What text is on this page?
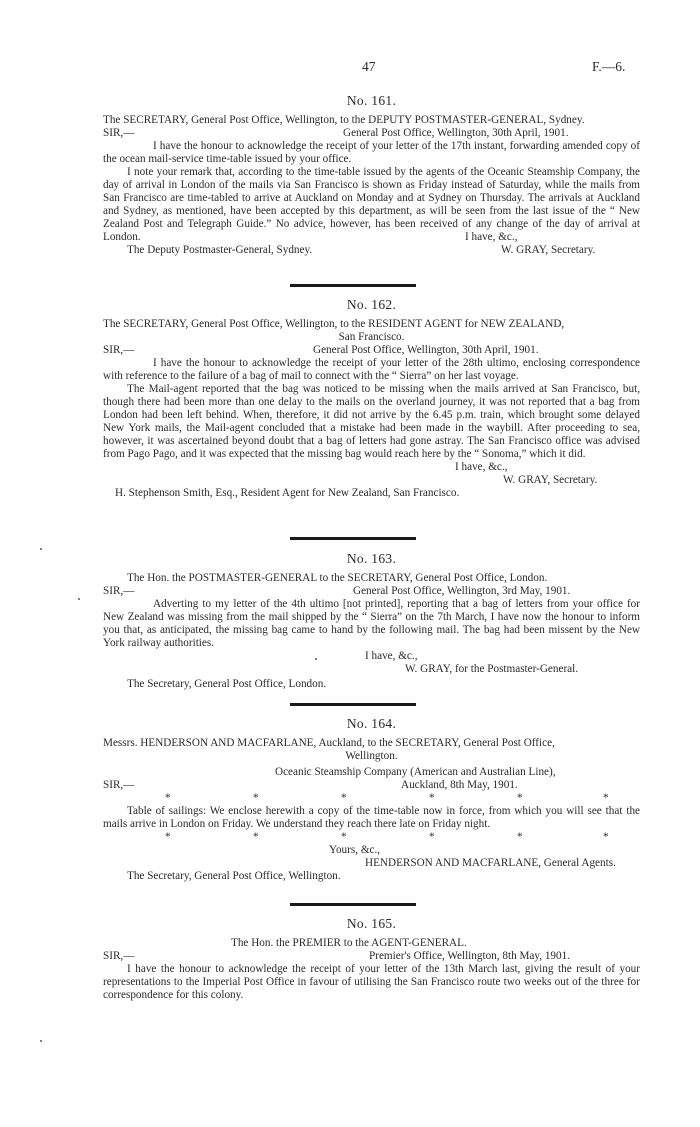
47	F.—6.
No. 161.
The SECRETARY, General Post Office, Wellington, to the DEPUTY POSTMASTER-GENERAL, Sydney.
SIR,—	General Post Office, Wellington, 30th April, 1901.

I have the honour to acknowledge the receipt of your letter of the 17th instant, forwarding amended copy of the ocean mail-service time-table issued by your office.

I note your remark that, according to the time-table issued by the agents of the Oceanic Steamship Company, the day of arrival in London of the mails via San Francisco is shown as Friday instead of Saturday, while the mails from San Francisco are time-tabled to arrive at Auckland on Monday and at Sydney on Thursday. The arrivals at Auckland and Sydney, as mentioned, have been accepted by this department, as will be seen from the last issue of the “ New Zealand Post and Telegraph Guide.” No advice, however, has been received of any change of the day of arrival at London.	I have, &c.,
The Deputy Postmaster-General, Sydney.	W. GRAY, Secretary.
No. 162.
The SECRETARY, General Post Office, Wellington, to the RESIDENT AGENT for NEW ZEALAND,
San Francisco.
SIR,—	General Post Office, Wellington, 30th April, 1901.

I have the honour to acknowledge the receipt of your letter of the 28th ultimo, enclosing correspondence with reference to the failure of a bag of mail to connect with the “ Sierra” on her last voyage.

The Mail-agent reported that the bag was noticed to be missing when the mails arrived at San Francisco, but, though there had been more than one delay to the mails on the overland journey, it was not reported that a bag from London had been left behind. When, therefore, it did not arrive by the 6.45 p.m. train, which brought some delayed New York mails, the Mail-agent concluded that a mistake had been made in the waybill. After proceeding to sea, however, it was ascertained beyond doubt that a bag of letters had gone astray. The San Francisco office was advised from Pago Pago, and it was expected that the missing bag would reach here by the “ Sonoma,” which it did.

I have, &c.,
W. GRAY, Secretary.
H. Stephenson Smith, Esq., Resident Agent for New Zealand, San Francisco.
No. 163.
The Hon. the POSTMASTER-GENERAL to the SECRETARY, General Post Office, London.
SIR,—	General Post Office, Wellington, 3rd May, 1901.

Adverting to my letter of the 4th ultimo [not printed], reporting that a bag of letters from your office for New Zealand was missing from the mail shipped by the “ Sierra” on the 7th March, I have now the honour to inform you that, as anticipated, the missing bag came to hand by the following mail. The bag had been missent by the New York railway authorities.

I have, &c.,
W. GRAY, for the Postmaster-General.
The Secretary, General Post Office, London.
No. 164.
Messrs. HENDERSON AND MACFARLANE, Auckland, to the SECRETARY, General Post Office,
Wellington.
Oceanic Steamship Company (American and Australian Line),
SIR,—	Auckland, 8th May, 1901.
*	*	*	*	*	*

Table of sailings: We enclose herewith a copy of the time-table now in force, from which you will see that the mails arrive in London on Friday. We understand they reach there late on Friday night.

*	*	*	*	*	*
Yours, &c.,
HENDERSON AND MACFARLANE, General Agents.
The Secretary, General Post Office, Wellington.
No. 165.
The Hon. the PREMIER to the AGENT-GENERAL.
SIR,—	Premier's Office, Wellington, 8th May, 1901.

I have the honour to acknowledge the receipt of your letter of the 13th March last, giving the result of your representations to the Imperial Post Office in favour of utilising the San Francisco route two weeks out of the three for correspondence for this colony.
